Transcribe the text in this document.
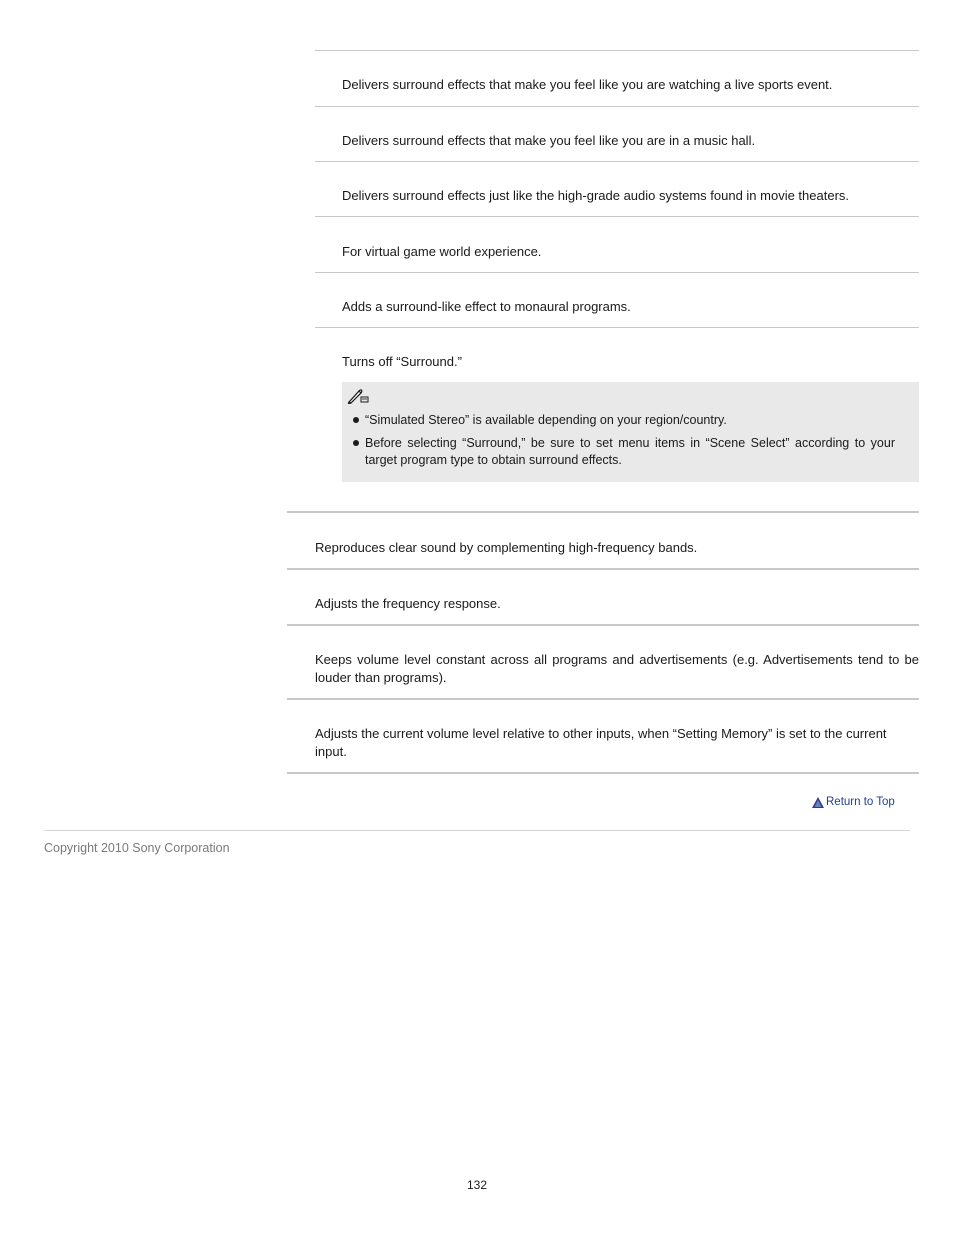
Delivers surround effects that make you feel like you are watching a live sports event.
Delivers surround effects that make you feel like you are in a music hall.
Delivers surround effects just like the high-grade audio systems found in movie theaters.
For virtual game world experience.
Adds a surround-like effect to monaural programs.
Turns off “Surround.”
“Simulated Stereo” is available depending on your region/country.
Before selecting “Surround,” be sure to set menu items in “Scene Select” according to your target program type to obtain surround effects.
Reproduces clear sound by complementing high-frequency bands.
Adjusts the frequency response.
Keeps volume level constant across all programs and advertisements (e.g. Advertisements tend to be louder than programs).
Adjusts the current volume level relative to other inputs, when “Setting Memory” is set to the current input.
Return to Top
Copyright 2010 Sony Corporation
132
